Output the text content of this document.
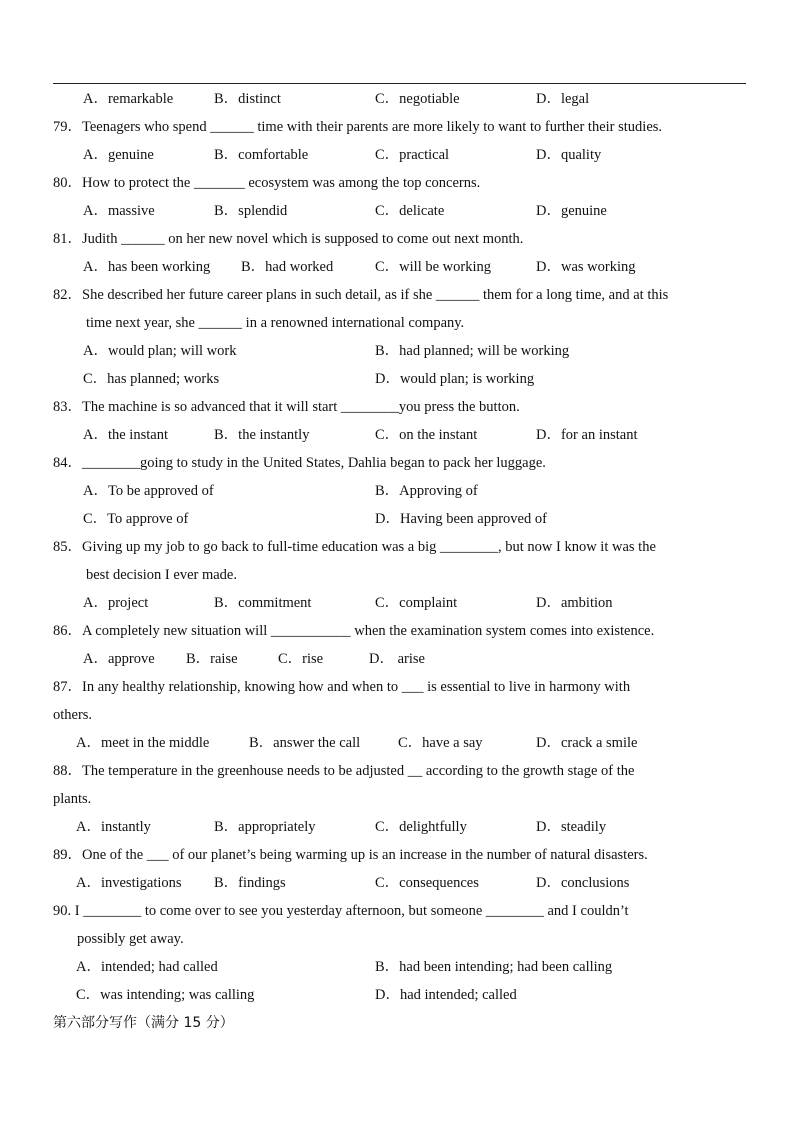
A．remarkable	B．distinct	C．negotiable	D．legal
79．Teenagers who spend ______ time with their parents are more likely to want to further their studies.
A．genuine	B．comfortable	C．practical	D．quality
80．How to protect the _______ ecosystem was among the top concerns.
A．massive	B．splendid	C．delicate	D．genuine
81．Judith ______ on her new novel which is supposed to come out next month.
A．has been working B．had worked	C．will be working	D．was working
82．She described her future career plans in such detail, as if she ______ them for a long time, and at this
time next year, she ______ in a renowned international company.
A．would plan; will work	B．had planned; will be working
C．has planned; works	D．would plan; is working
83．The machine is so advanced that it will start ________you press the button.
A．the instant	B．the instantly	C．on the instant	D．for an instant
84．________going to study in the United States, Dahlia began to pack her luggage.
A．To be approved of	B．Approving of
C．To approve of	D．Having been approved of
85．Giving up my job to go back to full-time education was a big ________, but now I know it was the
best decision I ever made.
A．project	B．commitment	C．complaint	D．ambition
86．A completely new situation will ___________ when the examination system comes into existence.
A．approve B．raise	C．rise	D． arise
87．In any healthy relationship, knowing how and when to ___ is essential to live in harmony with
others.
A．meet in the middle	B．answer the call	C．have a say	D．crack a smile
88．The temperature in the greenhouse needs to be adjusted __ according to the growth stage of the
plants.
A．instantly	B．appropriately	C．delightfully	D．steadily
89．One of the ___ of our planet’s being warming up is an increase in the number of natural disasters.
A．investigations B．findings	C．consequences	D．conclusions
90. I ________ to come over to see you yesterday afternoon, but someone ________ and I couldn’t
possibly get away.
A．intended; had called	B．had been intending; had been calling
C．was intending; was calling	D．had intended; called
第六部分写作（满分 15 分）
